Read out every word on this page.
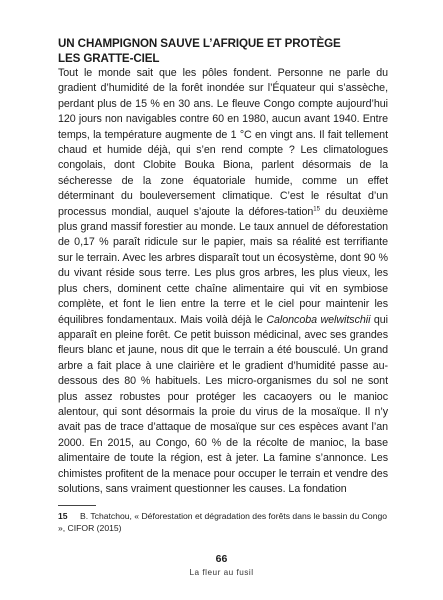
UN CHAMPIGNON SAUVE L’AFRIQUE ET PROTÈGE
LES GRATTE-CIEL

Tout le monde sait que les pôles fondent. Personne ne parle du gradient d’humidité de la forêt inondée sur l’Équateur qui s’assèche, perdant plus de 15 % en 30 ans. Le fleuve Congo compte aujourd’hui 120 jours non navigables contre 60 en 1980, aucun avant 1940. Entre temps, la température augmente de 1 °C en vingt ans. Il fait tellement chaud et humide déjà, qui s’en rend compte ? Les climatologues congolais, dont Clobite Bouka Biona, parlent désormais de la sécheresse de la zone équatoriale humide, comme un effet déterminant du bouleversement climatique. C’est le résultat d’un processus mondial, auquel s’ajoute la défores-tation$^{15}$ du deuxième plus grand massif forestier au monde. Le taux annuel de déforestation de 0,17 % paraît ridicule sur le papier, mais sa réalité est terrifiante sur le terrain. Avec les arbres disparaît tout un écosystème, dont 90 % du vivant réside sous terre. Les plus gros arbres, les plus vieux, les plus chers, dominent cette chaîne alimentaire qui vit en symbiose complète, et font le lien entre la terre et le ciel pour maintenir les équilibres fondamentaux. Mais voilà déjà le Caloncoba welwitschii qui apparaît en pleine forêt. Ce petit buisson médicinal, avec ses grandes fleurs blanc et jaune, nous dit que le terrain a été bousculé. Un grand arbre a fait place à une clairière et le gradient d’humidité passe au-dessous des 80 % habituels. Les micro-organismes du sol ne sont plus assez robustes pour protéger les cacaoyers ou le manioc alentour, qui sont désormais la proie du virus de la mosaïque. Il n’y avait pas de trace d’attaque de mosaïque sur ces espèces avant l’an 2000. En 2015, au Congo, 60 % de la récolte de manioc, la base alimentaire de toute la région, est à jeter. La famine s’annonce. Les chimistes profitent de la menace pour occuper le terrain et vendre des solutions, sans vraiment questionner les causes. La fondation

15 B. Tchatchou, « Déforestation et dégradation des forêts dans le bassin du Congo », CIFOR (2015)
66
La fleur au fusil
